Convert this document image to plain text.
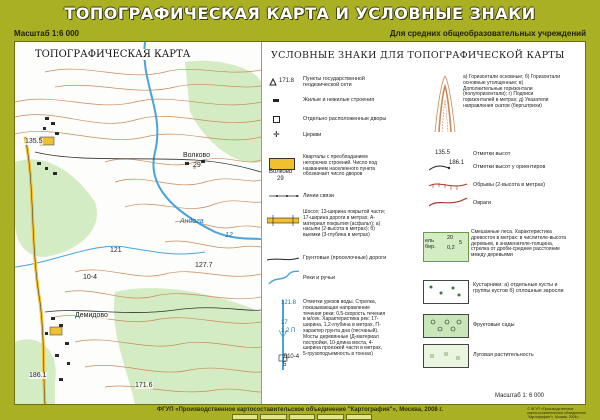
ТОПОГРАФИЧЕСКАЯ КАРТА И УСЛОВНЫЕ ЗНАКИ
Масштаб 1:6 000	Для средних общеобразовательных учреждений
ТОПОГРАФИЧЕСКАЯ КАРТА
135.5
Волково
29
Андога
12
127.7
Демидово
186.1
171.6
121
10-4
УСЛОВНЫЕ ЗНАКИ ДЛЯ ТОПОГРАФИЧЕСКОЙ КАРТЫ
171.8 Пункты государственной геодезической сети
Жилые и нежилые строения
Отдельно расположенные дворы
✛	Церкви
Волково
29
Кварталы с преобладанием негорючих строений. Число под названием населенного пункта обозначает число дворов
Линии связи
Шоссе; 13-ширина покрытой части; 17-ширина дороги в метрах; А-материал покрытия (асфальт); а) насыпи (2-высота в метрах); б) выемки (3-глубина в метрах)
Грунтовые (проселочные) дороги
Реки и ручьи
121.8
17
1,2 П
Д10-4
5
Отметки урезов воды. Стрелка, показывающая направление течения реки; 0,5-скорость течения в м/сек. Характеристика рек: 17-ширина, 1,2-глубина в метрах, П-характер грунта дна (песчаный). Мосты деревянные (Д-материал постройки, 10-длина моста, 4-ширина проезжей части в метрах, 5-грузоподъемность в тоннах)
а) Горизонтали основные; б) Горизонтали основные утолщенные; в) Дополнительные горизонтали (полугоризонтали); г) Подписи горизонталей в метрах; д) Указатели направления скатов (бергштрихи)
135.5	Отметки высот
186.1
Отметки высот у ориентиров
Обрывы (2-высота в метрах)
Овраги
ель бер.
20
0,2
5
Смешанные леса. Характеристика древостоя в метрах: в числителе-высота деревьев, в знаменателе-толщина, стрелка от дроби-среднее расстояние между деревьями
Кустарники: а) отдельные кусты и группы кустов б) сплошные заросли
Фруктовые сады
Луговая растительность
Масштаб 1: 6 000
ФГУП «Производственное картосоставительское объединение "Картография"», Москва, 2008 г.	© ФГУП «Производственное
картосоставительское объединение
"Картография"», Москва, 2008 г.
